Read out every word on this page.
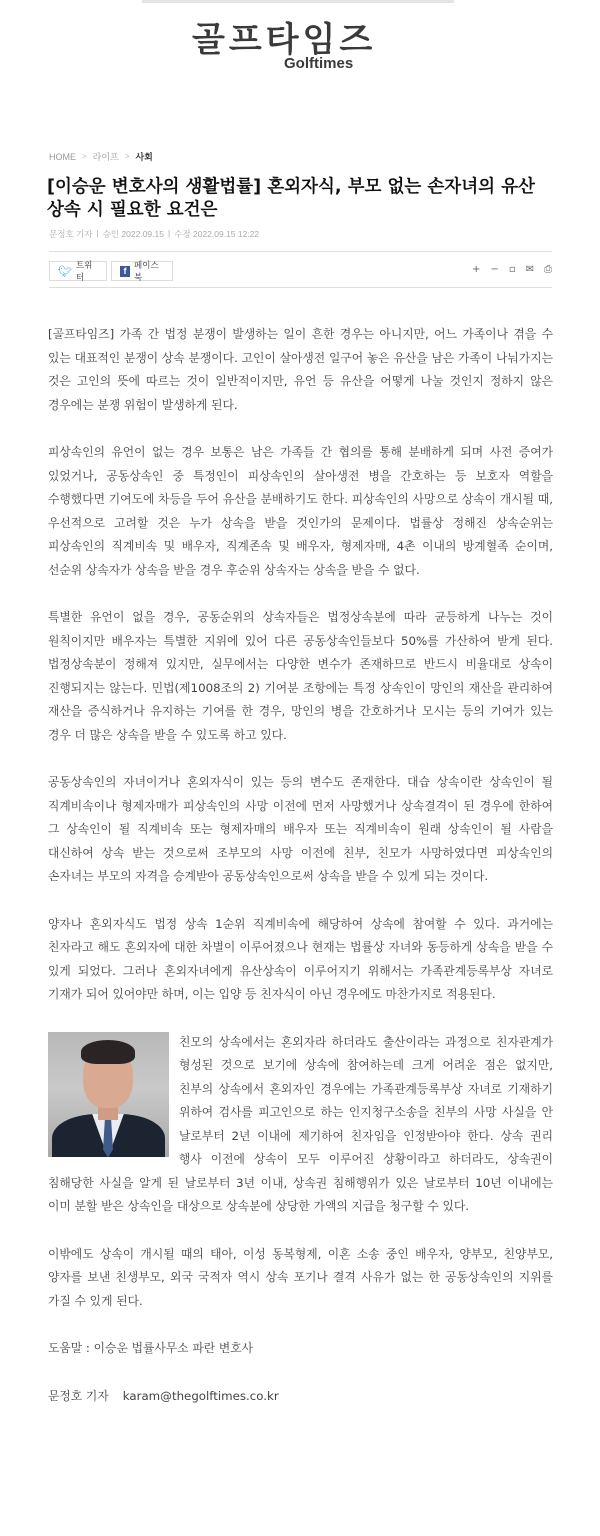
골프타임즈
Golftimes
HOME > 라이프 > 사회
[이승운 변호사의 생활법률] 혼외자식, 부모 없는 손자녀의 유산 상속 시 필요한 요건은
문정호 기자 | 승인 2022.09.15 | 수정 2022.09.15 12:22
🐦︎ 트위터
f 페이스북
+ − ▫ ✉ ⎙

[골프타임즈] 가족 간 법정 분쟁이 발생하는 일이 흔한 경우는 아니지만, 어느 가족이나 겪을 수 있는 대표적인 분쟁이 상속 분쟁이다. 고인이 살아생전 일구어 놓은 유산을 남은 가족이 나눠가지는 것은 고인의 뜻에 따르는 것이 일반적이지만, 유언 등 유산을 어떻게 나눌 것인지 정하지 않은 경우에는 분쟁 위험이 발생하게 된다.

피상속인의 유언이 없는 경우 보통은 남은 가족들 간 협의를 통해 분배하게 되며 사전 증여가 있었거나, 공동상속인 중 특정인이 피상속인의 살아생전 병을 간호하는 등 보호자 역할을 수행했다면 기여도에 차등을 두어 유산을 분배하기도 한다. 피상속인의 사망으로 상속이 개시될 때, 우선적으로 고려할 것은 누가 상속을 받을 것인가의 문제이다. 법률상 정해진 상속순위는 피상속인의 직계비속 및 배우자, 직계존속 및 배우자, 형제자매, 4촌 이내의 방계혈족 순이며, 선순위 상속자가 상속을 받을 경우 후순위 상속자는 상속을 받을 수 없다.

특별한 유언이 없을 경우, 공동순위의 상속자들은 법정상속분에 따라 균등하게 나누는 것이 원칙이지만 배우자는 특별한 지위에 있어 다른 공동상속인들보다 50%를 가산하여 받게 된다. 법정상속분이 정해져 있지만, 실무에서는 다양한 변수가 존재하므로 반드시 비율대로 상속이 진행되지는 않는다. 민법(제1008조의 2) 기여분 조항에는 특정 상속인이 망인의 재산을 관리하여 재산을 증식하거나 유지하는 기여를 한 경우, 망인의 병을 간호하거나 모시는 등의 기여가 있는 경우 더 많은 상속을 받을 수 있도록 하고 있다.

공동상속인의 자녀이거나 혼외자식이 있는 등의 변수도 존재한다. 대습 상속이란 상속인이 될 직계비속이나 형제자매가 피상속인의 사망 이전에 먼저 사망했거나 상속결격이 된 경우에 한하여 그 상속인이 될 직계비속 또는 형제자매의 배우자 또는 직계비속이 원래 상속인이 될 사람을 대신하여 상속 받는 것으로써 조부모의 사망 이전에 친부, 친모가 사망하였다면 피상속인의 손자녀는 부모의 자격을 승계받아 공동상속인으로써 상속을 받을 수 있게 되는 것이다.

양자나 혼외자식도 법정 상속 1순위 직계비속에 해당하여 상속에 참여할 수 있다. 과거에는 친자라고 해도 혼외자에 대한 차별이 이루어졌으나 현재는 법률상 자녀와 동등하게 상속을 받을 수 있게 되었다. 그러나 혼외자녀에게 유산상속이 이루어지기 위해서는 가족관계등록부상 자녀로 기재가 되어 있어야만 하며, 이는 입양 등 친자식이 아닌 경우에도 마찬가지로 적용된다.

친모의 상속에서는 혼외자라 하더라도 출산이라는 과정으로 친자관계가 형성된 것으로 보기에 상속에 참여하는데 크게 어려운 점은 없지만, 친부의 상속에서 혼외자인 경우에는 가족관계등록부상 자녀로 기재하기 위하여 검사를 피고인으로 하는 인지청구소송을 친부의 사망 사실을 안 날로부터 2년 이내에 제기하여 친자임을 인정받아야 한다. 상속 권리 행사 이전에 상속이 모두 이루어진 상황이라고 하더라도, 상속권이 침해당한 사실을 알게 된 날로부터 3년 이내, 상속권 침해행위가 있은 날로부터 10년 이내에는 이미 분할 받은 상속인을 대상으로 상속분에 상당한 가액의 지급을 청구할 수 있다.

이밖에도 상속이 개시될 때의 태아, 이성 동복형제, 이혼 소송 중인 배우자, 양부모, 친양부모, 양자를 보낸 친생부모, 외국 국적자 역시 상속 포기나 결격 사유가 없는 한 공동상속인의 지위를 가질 수 있게 된다.

도움말 : 이승운 법률사무소 파란 변호사

문정호 기자 karam@thegolftimes.co.kr
